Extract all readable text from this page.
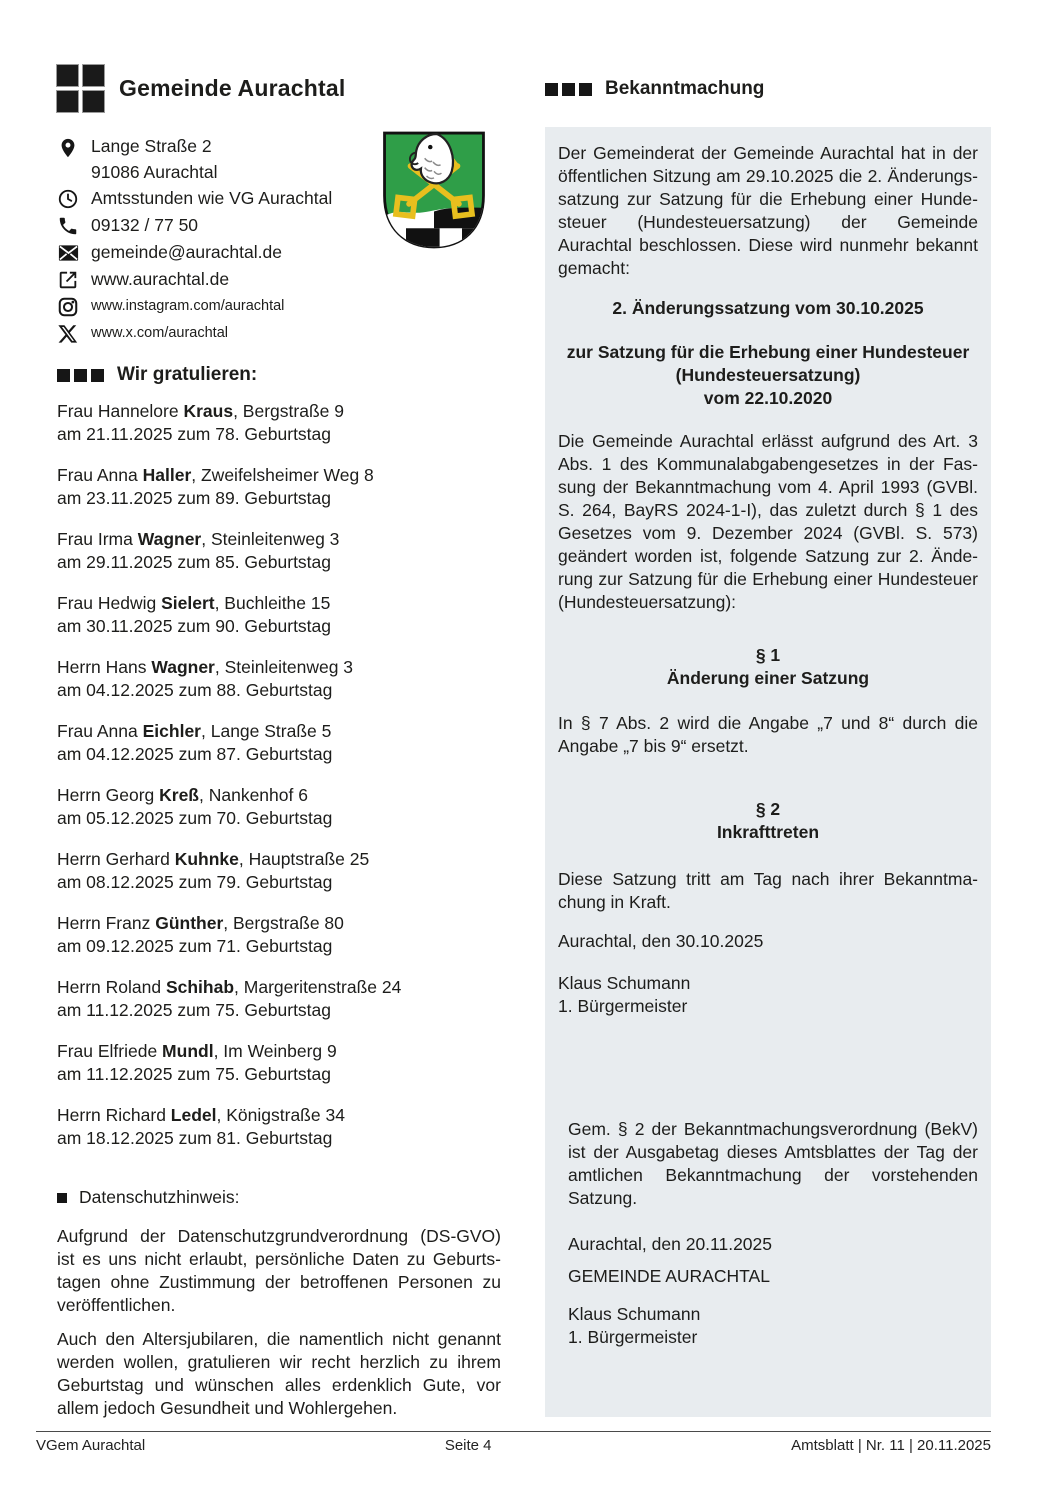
Gemeinde Aurachtal
Lange Straße 2
91086 Aurachtal
Amtsstunden wie VG Aurachtal
09132 / 77 50
gemeinde@aurachtal.de
www.aurachtal.de
www.instagram.com/aurachtal
www.x.com/aurachtal
Wir gratulieren:
Frau Hannelore Kraus, Bergstraße 9
am 21.11.2025 zum 78. Geburtstag
Frau Anna Haller, Zweifelsheimer Weg 8
am 23.11.2025 zum 89. Geburtstag
Frau Irma Wagner, Steinleitenweg 3
am 29.11.2025 zum 85. Geburtstag
Frau Hedwig Sielert, Buchleithe 15
am 30.11.2025 zum 90. Geburtstag
Herrn Hans Wagner, Steinleitenweg 3
am 04.12.2025 zum 88. Geburtstag
Frau Anna Eichler, Lange Straße 5
am 04.12.2025 zum 87. Geburtstag
Herrn Georg Kreß, Nankenhof 6
am 05.12.2025 zum 70. Geburtstag
Herrn Gerhard Kuhnke, Hauptstraße 25
am 08.12.2025 zum 79. Geburtstag
Herrn Franz Günther, Bergstraße 80
am 09.12.2025 zum 71. Geburtstag
Herrn Roland Schihab, Margeritenstraße 24
am 11.12.2025 zum 75. Geburtstag
Frau Elfriede Mundl, Im Weinberg 9
am 11.12.2025 zum 75. Geburtstag
Herrn Richard Ledel, Königstraße 34
am 18.12.2025 zum 81. Geburtstag
Datenschutzhinweis:

Aufgrund der Datenschutzgrundverordnung (DS-GVO) ist es uns nicht erlaubt, persönliche Daten zu Geburtstagen ohne Zustimmung der betroffenen Personen zu veröffentlichen.

Auch den Altersjubilaren, die namentlich nicht genannt werden wollen, gratulieren wir recht herzlich zu ihrem Geburtstag und wünschen alles erdenklich Gute, vor allem jedoch Gesundheit und Wohlergehen.

Bekanntmachung

Der Gemeinderat der Gemeinde Aurachtal hat in der öffentlichen Sitzung am 29.10.2025 die 2. Änderungssatzung zur Satzung für die Erhebung einer Hundesteuer (Hundesteuersatzung) der Gemeinde Aurachtal beschlossen. Diese wird nunmehr bekannt gemacht:

2. Änderungssatzung vom 30.10.2025

zur Satzung für die Erhebung einer Hundesteuer
(Hundesteuersatzung)
vom 22.10.2020

Die Gemeinde Aurachtal erlässt aufgrund des Art. 3 Abs. 1 des Kommunalabgabengesetzes in der Fassung der Bekanntmachung vom 4. April 1993 (GVBl. S. 264, BayRS 2024-1-I), das zuletzt durch § 1 des Gesetzes vom 9. Dezember 2024 (GVBl. S. 573) geändert worden ist, folgende Satzung zur 2. Änderung zur Satzung für die Erhebung einer Hundesteuer (Hundesteuersatzung):

§ 1
Änderung einer Satzung

In § 7 Abs. 2 wird die Angabe „7 und 8“ durch die Angabe „7 bis 9“ ersetzt.

§ 2
Inkrafttreten

Diese Satzung tritt am Tag nach ihrer Bekanntmachung in Kraft.

Aurachtal, den 30.10.2025

Klaus Schumann
1. Bürgermeister

Gem. § 2 der Bekanntmachungsverordnung (BekV) ist der Ausgabetag dieses Amtsblattes der Tag der amtlichen Bekanntmachung der vorstehenden Satzung.

Aurachtal, den 20.11.2025

GEMEINDE AURACHTAL

Klaus Schumann
1. Bürgermeister
VGem Aurachtal	Seite 4	Amtsblatt | Nr. 11 | 20.11.2025
